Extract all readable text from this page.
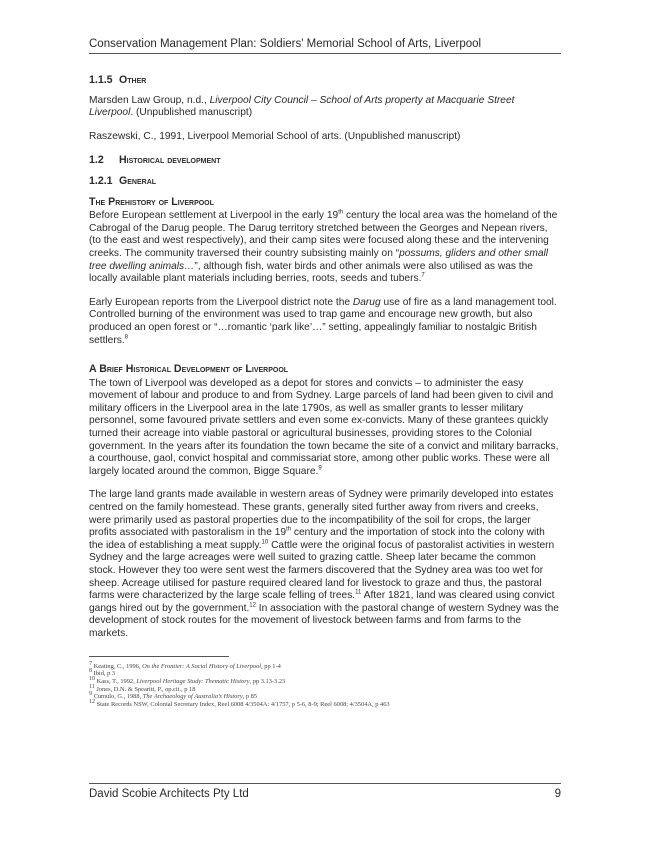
Conservation Management Plan: Soldiers' Memorial School of Arts, Liverpool

1.1.5 Other

Marsden Law Group, n.d., Liverpool City Council – School of Arts property at Macquarie Street Liverpool. (Unpublished manuscript)

Raszewski, C., 1991, Liverpool Memorial School of arts. (Unpublished manuscript)

1.2 Historical development

1.2.1 General

The Prehistory of Liverpool

Before European settlement at Liverpool in the early 19th century the local area was the homeland of the Cabrogal of the Darug people. The Darug territory stretched between the Georges and Nepean rivers, (to the east and west respectively), and their camp sites were focused along these and the intervening creeks. The community traversed their country subsisting mainly on “possums, gliders and other small tree dwelling animals…”, although fish, water birds and other animals were also utilised as was the locally available plant materials including berries, roots, seeds and tubers.$^7$

Early European reports from the Liverpool district note the Darug use of fire as a land management tool. Controlled burning of the environment was used to trap game and encourage new growth, but also produced an open forest or “…romantic ‘park like’…” setting, appealingly familiar to nostalgic British settlers.$^8$

A Brief Historical Development of Liverpool

The town of Liverpool was developed as a depot for stores and convicts – to administer the easy movement of labour and produce to and from Sydney. Large parcels of land had been given to civil and military officers in the Liverpool area in the late 1790s, as well as smaller grants to lesser military personnel, some favoured private settlers and even some ex-convicts. Many of these grantees quickly turned their acreage into viable pastoral or agricultural businesses, providing stores to the Colonial government. In the years after its foundation the town became the site of a convict and military barracks, a courthouse, gaol, convict hospital and commissariat store, among other public works. These were all largely located around the common, Bigge Square.$^9$

The large land grants made available in western areas of Sydney were primarily developed into estates centred on the family homestead. These grants, generally sited further away from rivers and creeks, were primarily used as pastoral properties due to the incompatibility of the soil for crops, the larger profits associated with pastoralism in the 19th century and the importation of stock into the colony with the idea of establishing a meat supply.$^{10}$ Cattle were the original focus of pastoralist activities in western Sydney and the large acreages were well suited to grazing cattle. Sheep later became the common stock. However they too were sent west the farmers discovered that the Sydney area was too wet for sheep. Acreage utilised for pasture required cleared land for livestock to graze and thus, the pastoral farms were characterized by the large scale felling of trees.$^{11}$ After 1821, land was cleared using convict gangs hired out by the government.$^{12}$ In association with the pastoral change of western Sydney was the development of stock routes for the movement of livestock between farms and from farms to the markets.

$^7$ Keating, C., 1996, On the Frontier: A Social History of Liverpool, pp 1-4
$^8$ Ibid, p 3
$^{10}$ Kass, T., 1992, Liverpool Heritage Study: Thematic History, pp 3.13-3.23
$^{11}$ Jones, D.N. & Spearitt, P., op.cit., p 18
$^9$ Cumulo, G., 1988, The Archaeology of Australia’s History, p 85
$^{12}$ State Records NSW, Colonial Secretary Index, Reel 6008 4/3504A: 4/1757, p 5-6, 8-9; Reel 6008; 4/3504A, p 463
David Scobie Architects Pty Ltd	9
